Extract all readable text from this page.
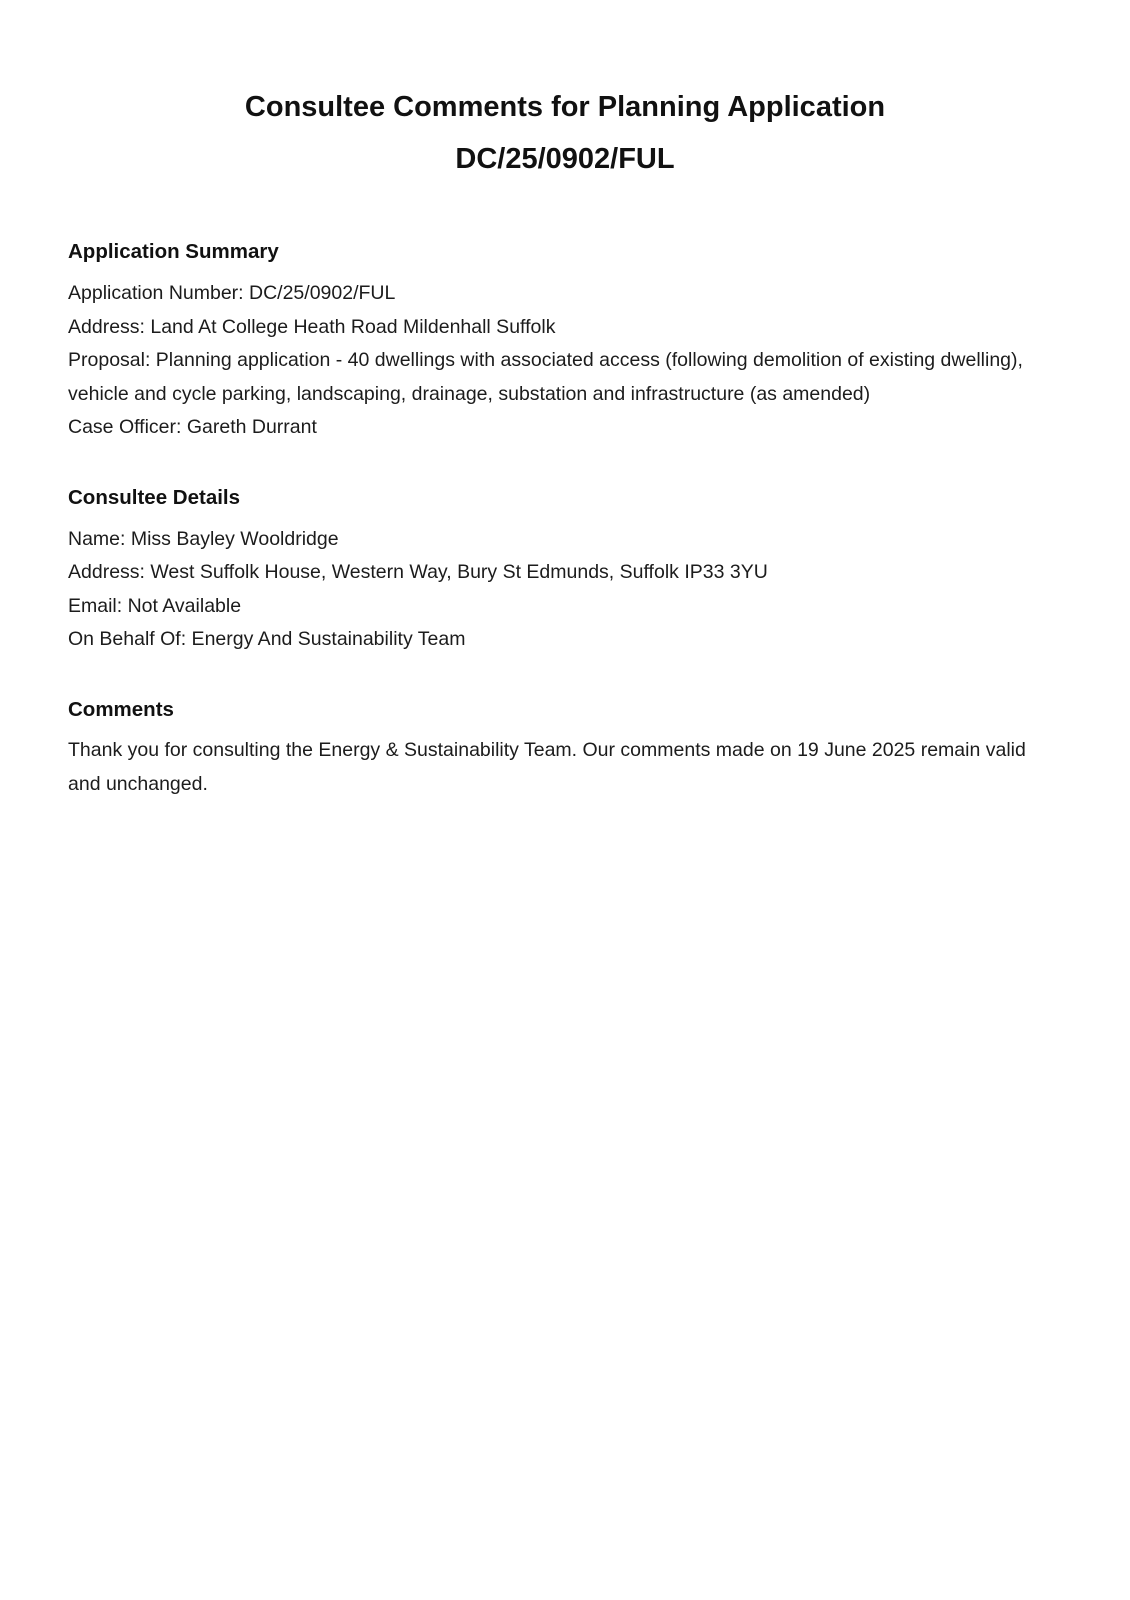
Consultee Comments for Planning Application
DC/25/0902/FUL
Application Summary

Application Number: DC/25/0902/FUL

Address: Land At College Heath Road Mildenhall Suffolk

Proposal: Planning application - 40 dwellings with associated access (following demolition of existing dwelling), vehicle and cycle parking, landscaping, drainage, substation and infrastructure (as amended)

Case Officer: Gareth Durrant

Consultee Details

Name: Miss Bayley Wooldridge

Address: West Suffolk House, Western Way, Bury St Edmunds, Suffolk IP33 3YU

Email: Not Available

On Behalf Of: Energy And Sustainability Team

Comments

Thank you for consulting the Energy & Sustainability Team. Our comments made on 19 June 2025 remain valid and unchanged.
